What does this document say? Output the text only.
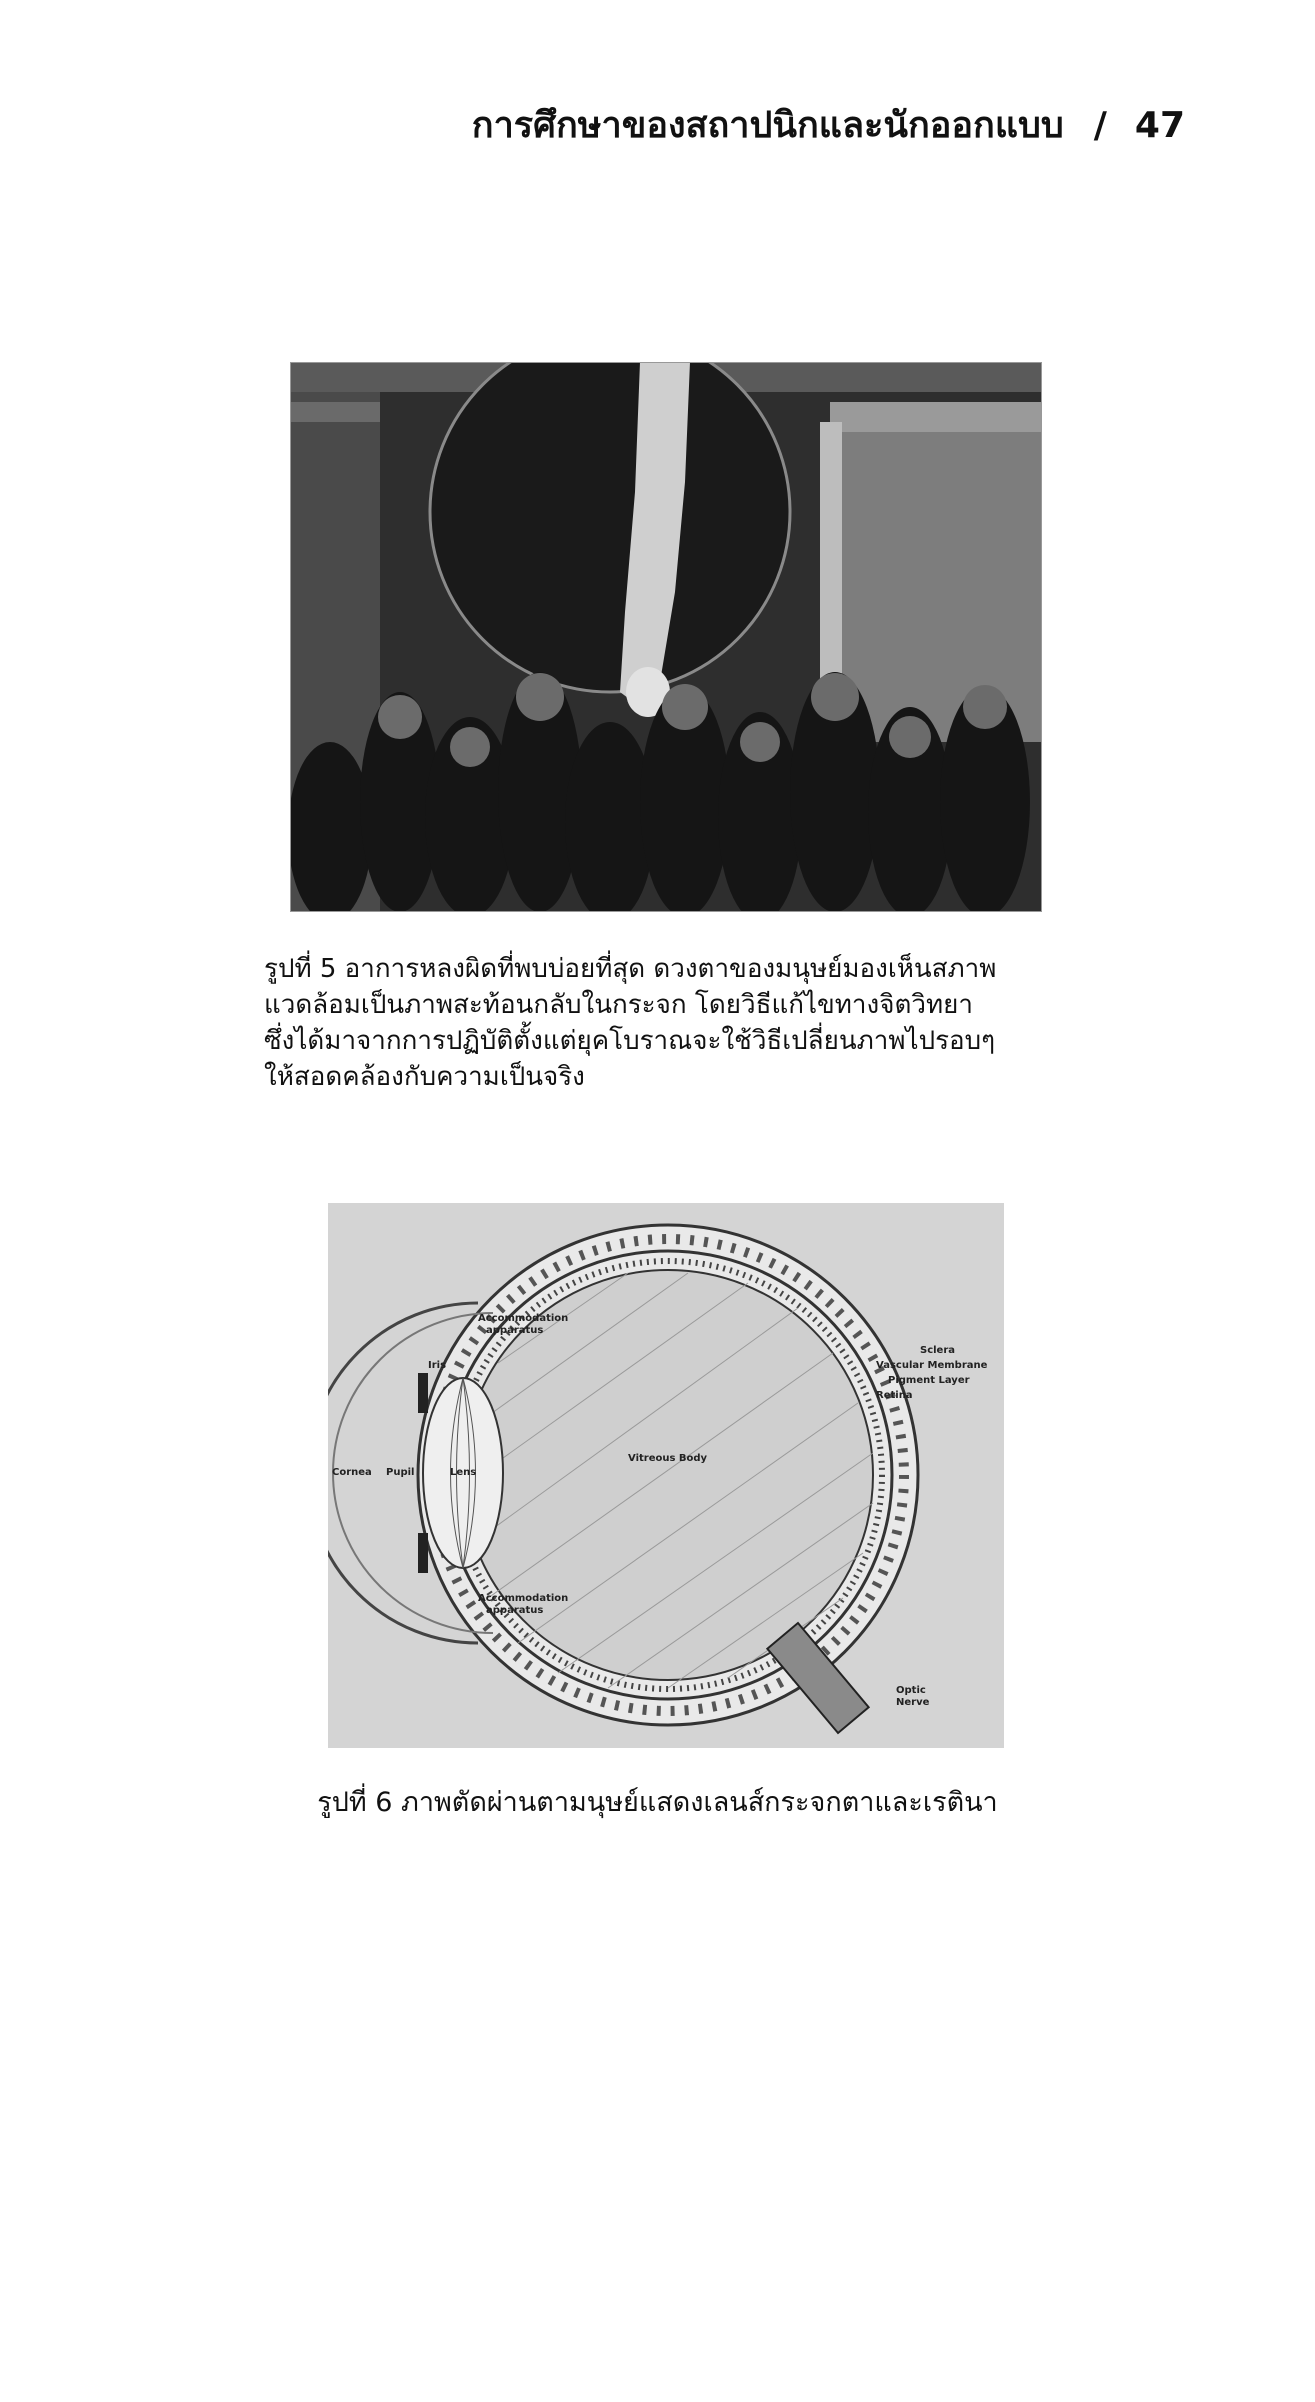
การศึกษาของสถาปนิกและนักออกแบบ / 47
รูปที่ 5 อาการหลงผิดที่พบบ่อยที่สุด ดวงตาของมนุษย์มองเห็นสภาพ
แวดล้อมเป็นภาพสะท้อนกลับในกระจก โดยวิธีแก้ไขทางจิตวิทยา
ซึ่งได้มาจากการปฏิบัติตั้งแต่ยุคโบราณจะใช้วิธีเปลี่ยนภาพไปรอบๆ
ให้สอดคล้องกับความเป็นจริง
Cornea Pupil	Lens
Iris
Accommodation
apparatus
Accommodation
apparatus
Vitreous Body
Sclera
Vascular Membrane
Pigment Layer
Retina
Optic
Nerve
รูปที่ 6 ภาพตัดผ่านตามนุษย์แสดงเลนส์กระจกตาและเรตินา
